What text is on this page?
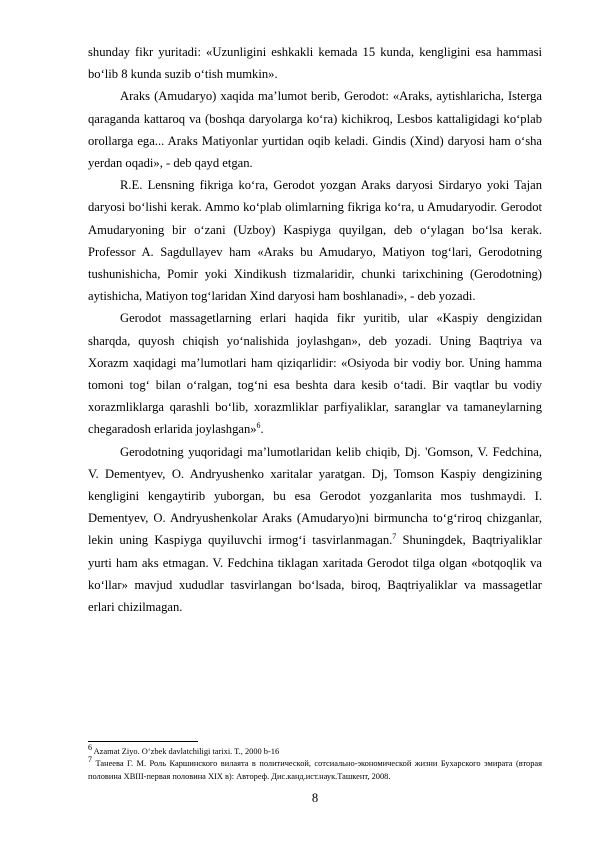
shunday fikr yuritadi: «Uzunligini eshkakli kemada 15 kunda, kengligini esa hammasi bo‘lib 8 kunda suzib o‘tish mumkin».

Araks (Amudaryo) xaqida ma’lumot berib, Gerodot: «Araks, aytishlaricha, Isterga qaraganda kattaroq va (boshqa daryolarga ko‘ra) kichikroq, Lesbos kattaligidagi ko‘plab orollarga ega... Araks Matiyonlar yurtidan oqib keladi. Gindis (Xind) daryosi ham o‘sha yerdan oqadi», - deb qayd etgan.

R.E. Lensning fikriga ko‘ra, Gerodot yozgan Araks daryosi Sirdaryo yoki Tajan daryosi bo‘lishi kerak. Ammo ko‘plab olimlarning fikriga ko‘ra, u Amudaryodir. Gerodot Amudaryoning bir o‘zani (Uzboy) Kaspiyga quyilgan, deb o‘ylagan bo‘lsa kerak. Professor A. Sagdullayev ham «Araks bu Amudaryo, Matiyon tog‘lari, Gerodotning tushunishicha, Pomir yoki Xindikush tizmalaridir, chunki tarixchining (Gerodotning) aytishicha, Matiyon tog‘laridan Xind daryosi ham boshlanadi», - deb yozadi.

Gerodot massagetlarning erlari haqida fikr yuritib, ular «Kaspiy dengizidan sharqda, quyosh chiqish yo‘nalishida joylashgan», deb yozadi. Uning Baqtriya va Xorazm xaqidagi ma’lumotlari ham qiziqarlidir: «Osiyoda bir vodiy bor. Uning hamma tomoni tog‘ bilan o‘ralgan, tog‘ni esa beshta dara kesib o‘tadi. Bir vaqtlar bu vodiy xorazmliklarga qarashli bo‘lib, xorazmliklar parfiyaliklar, saranglar va tamaneylarning chegaradosh erlarida joylashgan»$^6$.

Gerodotning yuqoridagi ma’lumotlaridan kelib chiqib, Dj. 'Gomson, V. Fedchina, V. Dementyev, O. Andryushenko xaritalar yaratgan. Dj, Tomson Kaspiy dengizining kengligini kengaytirib yuborgan, bu esa Gerodot yozganlarita mos tushmaydi. I. Dementyev, O. Andryushenkolar Araks (Amudaryo)ni birmuncha to‘g‘riroq chizganlar, lekin uning Kaspiyga quyiluvchi irmog‘i tasvirlanmagan.$^7$ Shuningdek, Baqtriyaliklar yurti ham aks etmagan. V. Fedchina tiklagan xaritada Gerodot tilga olgan «botqoqlik va ko‘llar» mavjud xududlar tasvirlangan bo‘lsada, biroq, Baqtriyaliklar va massagetlar erlari chizilmagan.

$^6$ Azamat Ziyo. O‘zbek davlatchiligi tarixi. T., 2000 b-16

$^7$ Танеева Г. М. Роль Каршинского вилаята в политической, сотсиально-экономической жизни Бухарского эмирата (вторая половина XВIII-первая половина XIX в): Автореф. Дис.канд.ист.наук.Ташкент, 2008.

8
